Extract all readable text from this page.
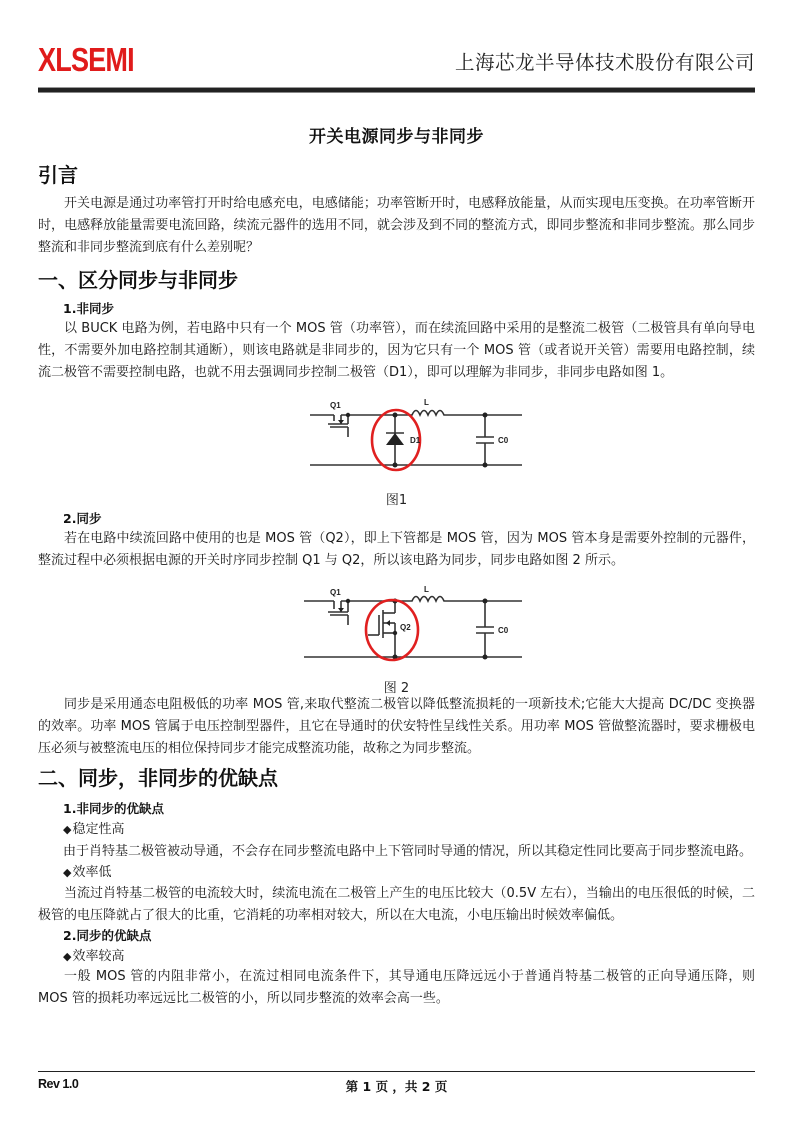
XLSEMI	上海芯龙半导体技术股份有限公司
开关电源同步与非同步
引言
开关电源是通过功率管打开时给电感充电，电感储能；功率管断开时，电感释放能量，从而实现电压变换。在功率管断开时，电感释放能量需要电流回路，续流元器件的选用不同，就会涉及到不同的整流方式，即同步整流和非同步整流。那么同步整流和非同步整流到底有什么差别呢？
一、区分同步与非同步
1.非同步
以 BUCK 电路为例，若电路中只有一个 MOS 管（功率管），而在续流回路中采用的是整流二极管（二极管具有单向导电性，不需要外加电路控制其通断），则该电路就是非同步的，因为它只有一个 MOS 管（或者说开关管）需要用电路控制，续流二极管不需要控制电路，也就不用去强调同步控制二极管（D1），即可以理解为非同步，非同步电路如图 1。
Q1	L
D1	C0
图1
2.同步
若在电路中续流回路中使用的也是 MOS 管（Q2），即上下管都是 MOS 管，因为 MOS 管本身是需要外控制的元器件，整流过程中必须根据电源的开关时序同步控制 Q1 与 Q2，所以该电路为同步，同步电路如图 2 所示。
Q1	L
Q2	C0
图 2
同步是采用通态电阻极低的功率 MOS 管,来取代整流二极管以降低整流损耗的一项新技术;它能大大提高 DC/DC 变换器的效率。功率 MOS 管属于电压控制型器件，且它在导通时的伏安特性呈线性关系。用功率 MOS 管做整流器时，要求栅极电压必须与被整流电压的相位保持同步才能完成整流功能，故称之为同步整流。
二、同步，非同步的优缺点
1.非同步的优缺点
◆稳定性高
由于肖特基二极管被动导通，不会存在同步整流电路中上下管同时导通的情况，所以其稳定性同比要高于同步整流电路。
◆效率低
当流过肖特基二极管的电流较大时，续流电流在二极管上产生的电压比较大（0.5V 左右），当输出的电压很低的时候，二极管的电压降就占了很大的比重，它消耗的功率相对较大，所以在大电流，小电压输出时候效率偏低。
2.同步的优缺点
◆效率较高
一般 MOS 管的内阻非常小，在流过相同电流条件下，其导通电压降远远小于普通肖特基二极管的正向导通压降，则 MOS 管的损耗功率远远比二极管的小，所以同步整流的效率会高一些。
Rev 1.0	第 1 页 ，共 2 页
